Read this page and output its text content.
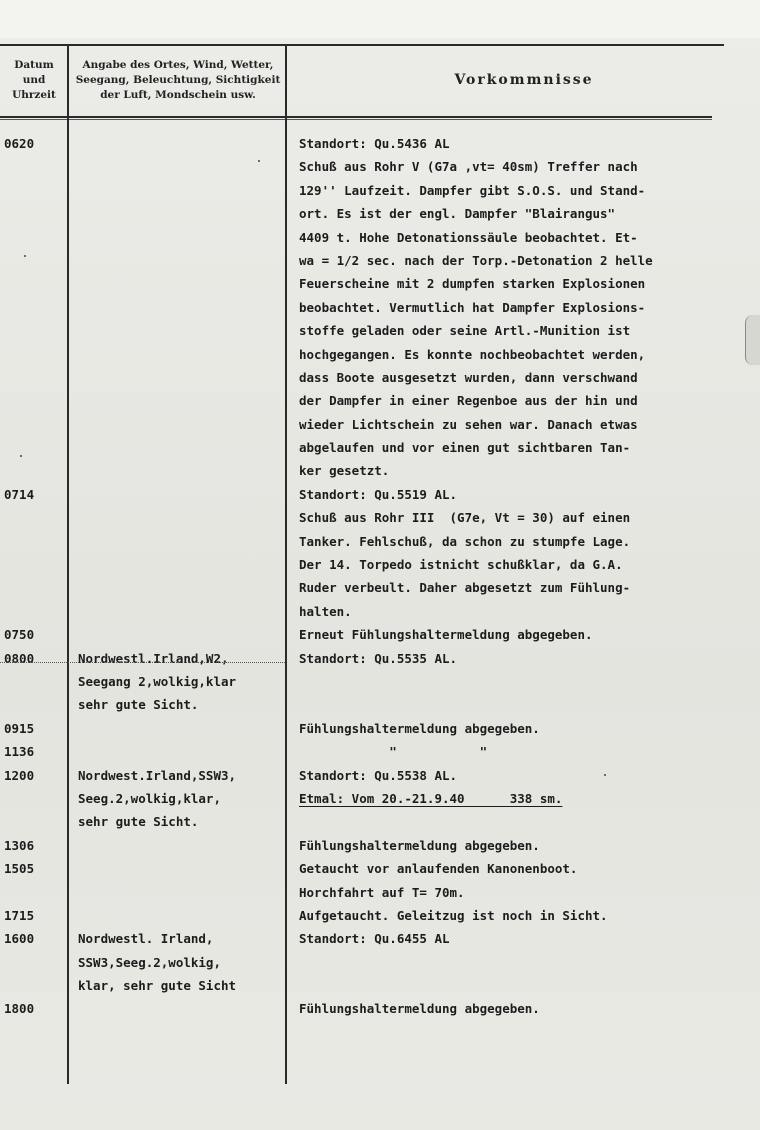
Datum
und
Uhrzeit
Angabe des Ortes, Wind, Wetter,
Seegang, Beleuchtung, Sichtigkeit
der Luft, Mondschein usw.
Vorkommnisse
0620
0714
0750
0800
0915
1136
1200
1306
1505
1715
1600
1800
Nordwestl.Irland,W2,
Seegang 2,wolkig,klar
sehr gute Sicht.
Nordwest.Irland,SSW3,
Seeg.2,wolkig,klar,
sehr gute Sicht.
Nordwestl. Irland,
SSW3,Seeg.2,wolkig,
klar, sehr gute Sicht
Standort: Qu.5436 AL
Schuß aus Rohr V (G7a ,vt= 40sm) Treffer nach
129'' Laufzeit. Dampfer gibt S.O.S. und Stand-
ort. Es ist der engl. Dampfer "Blairangus"
4409 t. Hohe Detonationssäule beobachtet. Et-
wa = 1/2 sec. nach der Torp.-Detonation 2 helle
Feuerscheine mit 2 dumpfen starken Explosionen
beobachtet. Vermutlich hat Dampfer Explosions-
stoffe geladen oder seine Artl.-Munition ist
hochgegangen. Es konnte nochbeobachtet werden,
dass Boote ausgesetzt wurden, dann verschwand
der Dampfer in einer Regenboe aus der hin und
wieder Lichtschein zu sehen war. Danach etwas
abgelaufen und vor einen gut sichtbaren Tan-
ker gesetzt.
Standort: Qu.5519 AL.
Schuß aus Rohr III  (G7e, Vt = 30) auf einen
Tanker. Fehlschuß, da schon zu stumpfe Lage.
Der 14. Torpedo istnicht schußklar, da G.A.
Ruder verbeult. Daher abgesetzt zum Fühlung-
halten.
Erneut Fühlungshaltermeldung abgegeben.
Standort: Qu.5535 AL.
Fühlungshaltermeldung abgegeben.
"           "
Standort: Qu.5538 AL.
Etmal: Vom 20.-21.9.40      338 sm.
Fühlungshaltermeldung abgegeben.
Getaucht vor anlaufenden Kanonenboot.
Horchfahrt auf T= 70m.
Aufgetaucht. Geleitzug ist noch in Sicht.
Standort: Qu.6455 AL
Fühlungshaltermeldung abgegeben.
